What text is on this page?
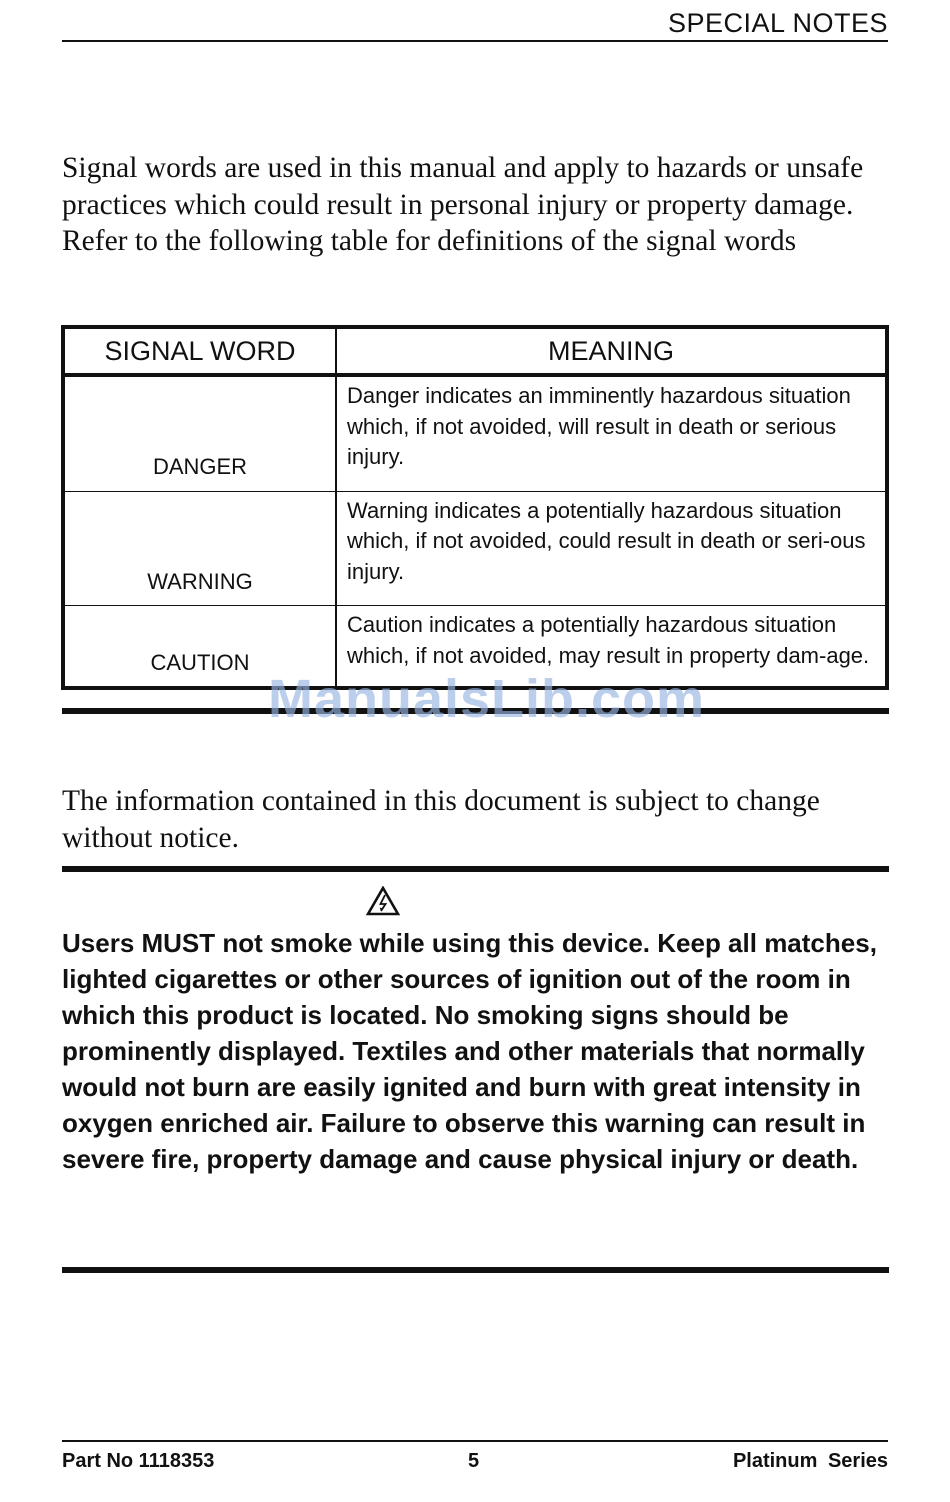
SPECIAL NOTES
Signal words are used in this manual and apply to hazards or unsafe practices which could result in personal injury or property damage. Refer to the following table for definitions of the signal words
SIGNAL WORD	MEANING
DANGER	Danger indicates an imminently hazardous situation which, if not avoided, will result in death or serious injury.
WARNING	Warning indicates a potentially hazardous situation which, if not avoided, could result in death or seri-ous injury.
CAUTION	Caution indicates a potentially hazardous situation which, if not avoided, may result in property dam-age.
ManualsLib.com
The information contained in this document is subject to change without notice.
Users MUST not smoke while using this device. Keep all matches, lighted cigarettes or other sources of ignition out of the room in which this product is located. No smoking signs should be prominently displayed. Textiles and other materials that normally would not burn are easily ignited and burn with great intensity in oxygen enriched air. Failure to observe this warning can result in severe fire, property damage and cause physical injury or death.
Part No 1118353	5	Platinum Series
